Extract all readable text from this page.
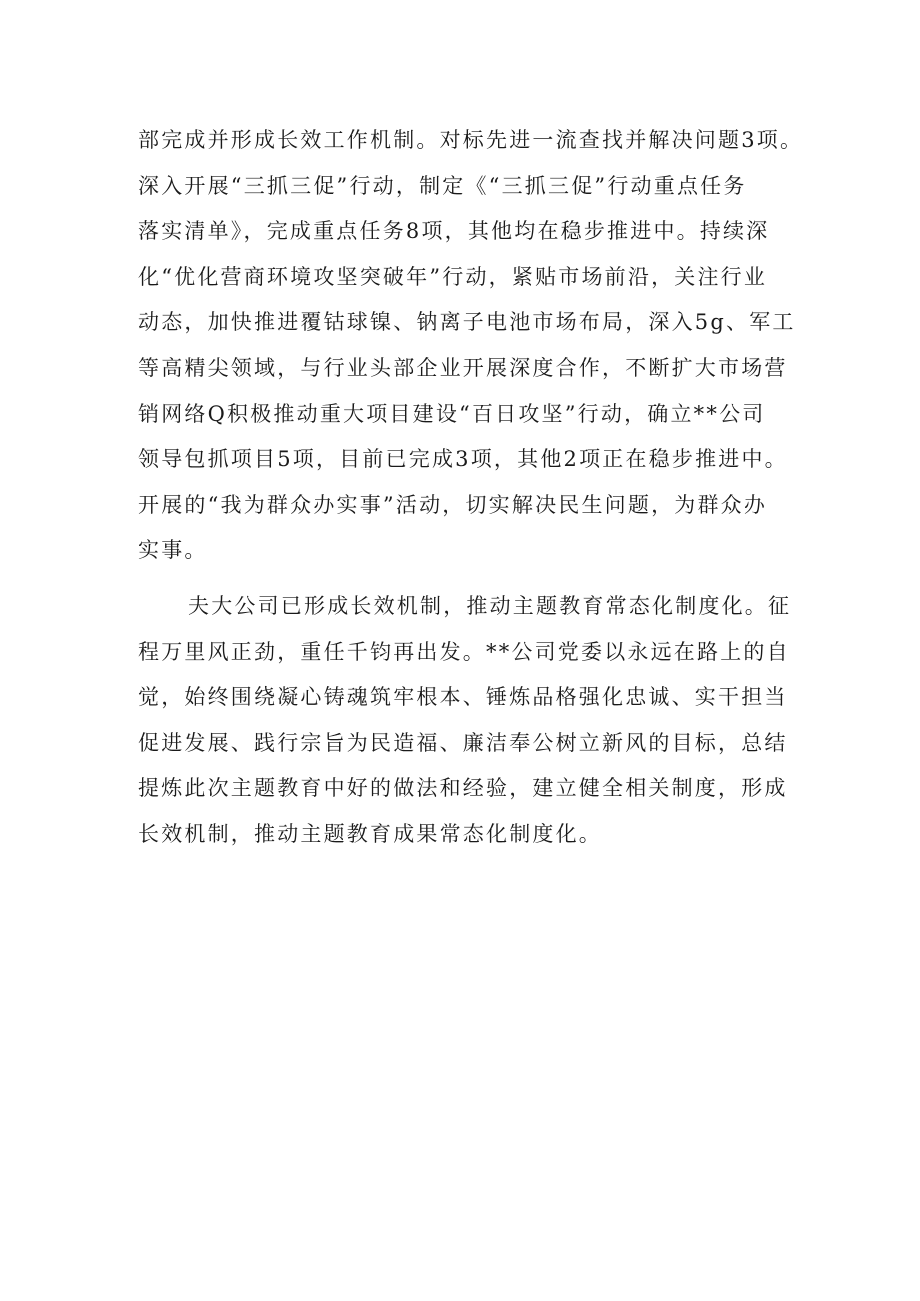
部完成并形成长效工作机制。对标先进一流查找并解决问题3项。
深入开展“三抓三促”行动，制定《“三抓三促”行动重点任务
落实清单》，完成重点任务8项，其他均在稳步推进中。持续深
化“优化营商环境攻坚突破年”行动，紧贴市场前沿，关注行业
动态，加快推进覆钴球镍、钠离子电池市场布局，深入5g、军工
等高精尖领域，与行业头部企业开展深度合作，不断扩大市场营
销网络Q积极推动重大项目建设“百日攻坚”行动，确立**公司
领导包抓项目5项，目前已完成3项，其他2项正在稳步推进中。
开展的“我为群众办实事”活动，切实解决民生问题，为群众办
实事。
夫大公司已形成长效机制，推动主题教育常态化制度化。征
程万里风正劲，重任千钧再出发。**公司党委以永远在路上的自
觉，始终围绕凝心铸魂筑牢根本、锤炼品格强化忠诚、实干担当
促进发展、践行宗旨为民造福、廉洁奉公树立新风的目标，总结
提炼此次主题教育中好的做法和经验，建立健全相关制度，形成
长效机制，推动主题教育成果常态化制度化。
